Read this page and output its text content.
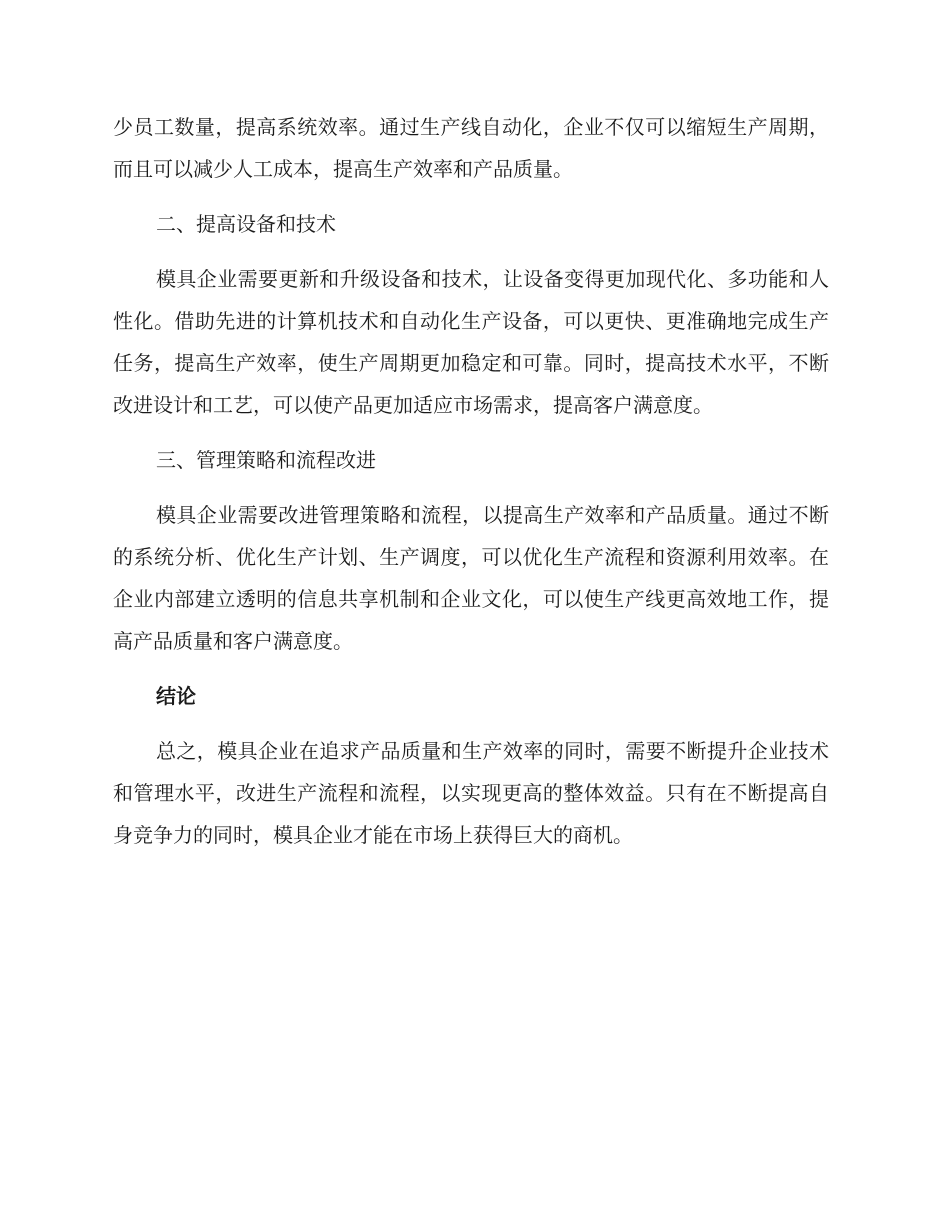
少员工数量，提高系统效率。通过生产线自动化，企业不仅可以缩短生产周期，而且可以减少人工成本，提高生产效率和产品质量。

二、提高设备和技术

模具企业需要更新和升级设备和技术，让设备变得更加现代化、多功能和人性化。借助先进的计算机技术和自动化生产设备，可以更快、更准确地完成生产任务，提高生产效率，使生产周期更加稳定和可靠。同时，提高技术水平，不断改进设计和工艺，可以使产品更加适应市场需求，提高客户满意度。

三、管理策略和流程改进

模具企业需要改进管理策略和流程，以提高生产效率和产品质量。通过不断的系统分析、优化生产计划、生产调度，可以优化生产流程和资源利用效率。在企业内部建立透明的信息共享机制和企业文化，可以使生产线更高效地工作，提高产品质量和客户满意度。

结论

总之，模具企业在追求产品质量和生产效率的同时，需要不断提升企业技术和管理水平，改进生产流程和流程，以实现更高的整体效益。只有在不断提高自身竞争力的同时，模具企业才能在市场上获得巨大的商机。
